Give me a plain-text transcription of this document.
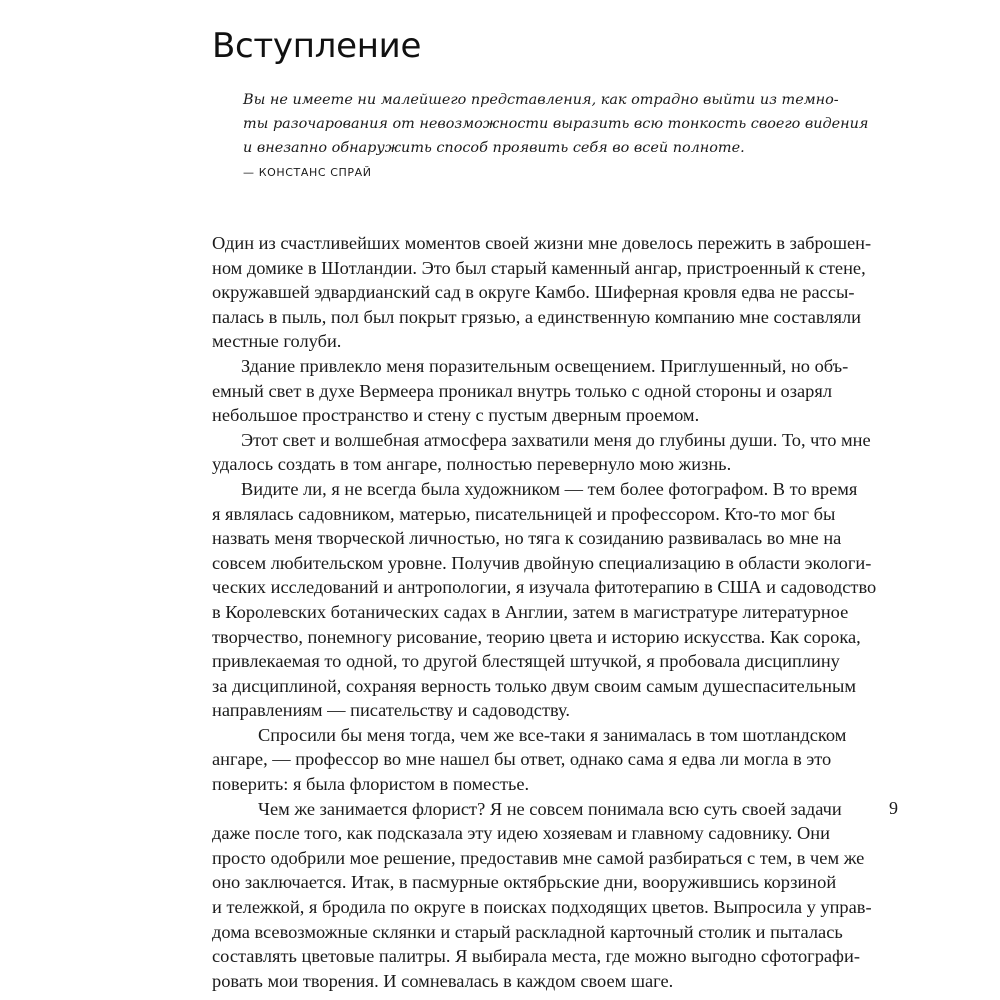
Вступление
Вы не имеете ни малейшего представления, как отрадно выйти из темно-
ты разочарования от невозможности выразить всю тонкость своего видения
и внезапно обнаружить способ проявить себя во всей полноте.
— КОНСТАНС СПРАЙ
Один из счастливейших моментов своей жизни мне довелось пережить в заброшен-
ном домике в Шотландии. Это был старый каменный ангар, пристроенный к стене,
окружавшей эдвардианский сад в округе Камбо. Шиферная кровля едва не рассы-
палась в пыль, пол был покрыт грязью, а единственную компанию мне составляли
местные голуби.
Здание привлекло меня поразительным освещением. Приглушенный, но объ-
емный свет в духе Вермеера проникал внутрь только с одной стороны и озарял
небольшое пространство и стену с пустым дверным проемом.
Этот свет и волшебная атмосфера захватили меня до глубины души. То, что мне
удалось создать в том ангаре, полностью перевернуло мою жизнь.
Видите ли, я не всегда была художником — тем более фотографом. В то время
я являлась садовником, матерью, писательницей и профессором. Кто-то мог бы
назвать меня творческой личностью, но тяга к созиданию развивалась во мне на
совсем любительском уровне. Получив двойную специализацию в области экологи-
ческих исследований и антропологии, я изучала фитотерапию в США и садоводство
в Королевских ботанических садах в Англии, затем в магистратуре литературное
творчество, понемногу рисование, теорию цвета и историю искусства. Как сорока,
привлекаемая то одной, то другой блестящей штучкой, я пробовала дисциплину
за дисциплиной, сохраняя верность только двум своим самым душеспасительным
направлениям — писательству и садоводству.
Спросили бы меня тогда, чем же все-таки я занималась в том шотландском
ангаре, — профессор во мне нашел бы ответ, однако сама я едва ли могла в это
поверить: я была флористом в поместье.
Чем же занимается флорист? Я не совсем понимала всю суть своей задачи
даже после того, как подсказала эту идею хозяевам и главному садовнику. Они
просто одобрили мое решение, предоставив мне самой разбираться с тем, в чем же
оно заключается. Итак, в пасмурные октябрьские дни, вооружившись корзиной
и тележкой, я бродила по округе в поисках подходящих цветов. Выпросила у управ-
дома всевозможные склянки и старый раскладной карточный столик и пыталась
составлять цветовые палитры. Я выбирала места, где можно выгодно сфотографи-
ровать мои творения. И сомневалась в каждом своем шаге.
9
